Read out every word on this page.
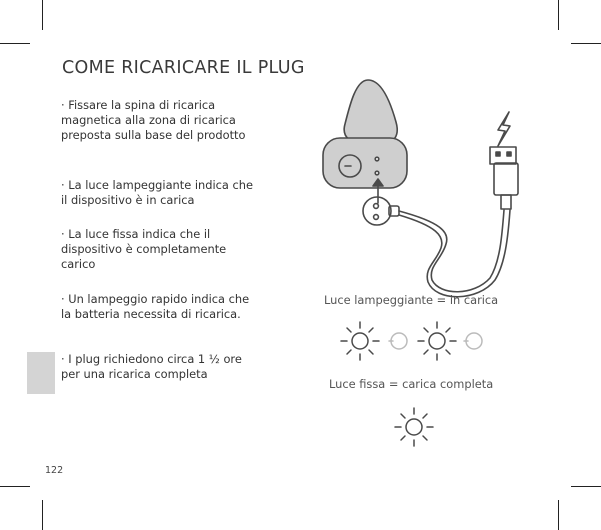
COME RICARICARE IL PLUG
· Fissare la spina di ricarica magnetica alla zona di ricarica preposta sulla base del prodotto
· La luce lampeggiante indica che il dispositivo è in carica
· La luce fissa indica che il dispositivo è completamente carico
· Un lampeggio rapido indica che la batteria necessita di ricarica.
· I plug richiedono circa 1 ½ ore per una ricarica completa
122
Luce lampeggiante = in carica
Luce fissa = carica completa
